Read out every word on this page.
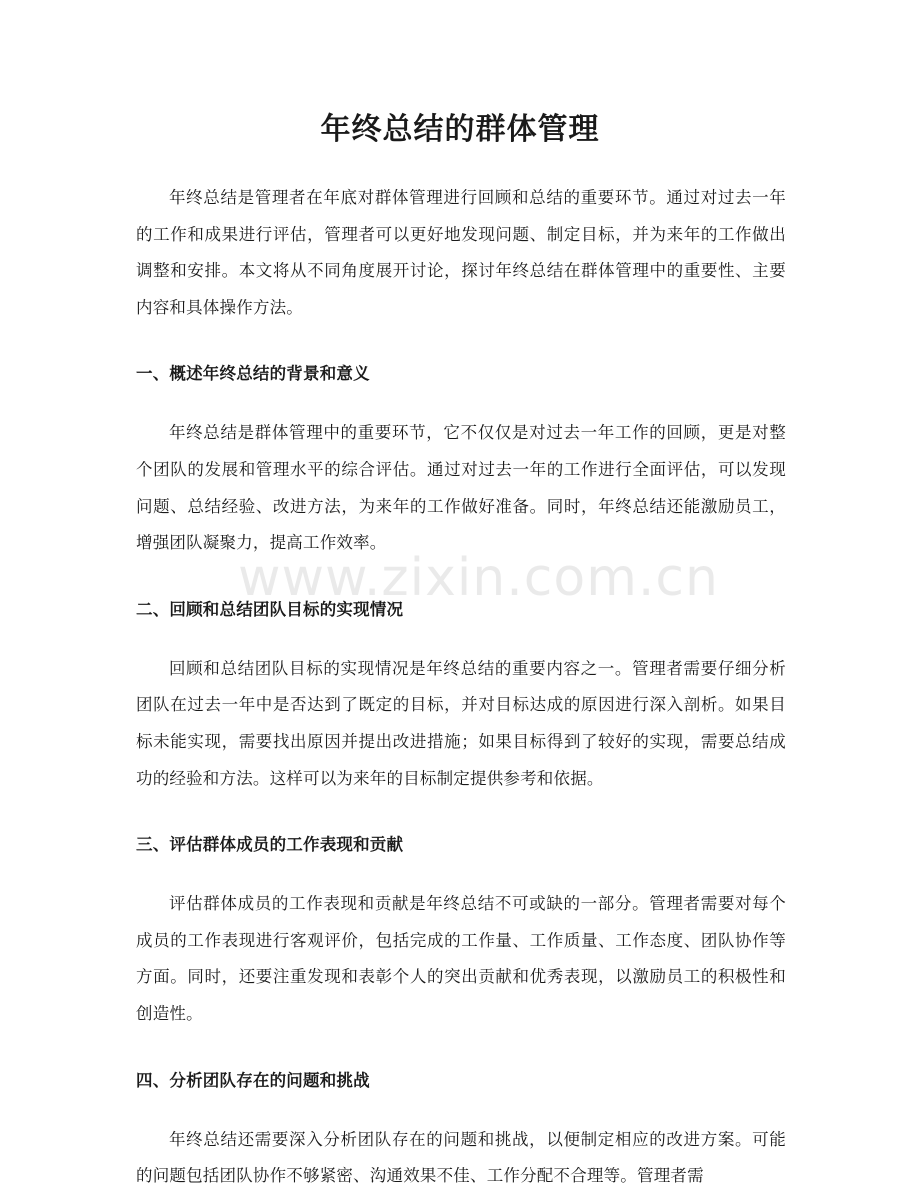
年终总结的群体管理

年终总结是管理者在年底对群体管理进行回顾和总结的重要环节。通过对过去一年的工作和成果进行评估，管理者可以更好地发现问题、制定目标，并为来年的工作做出调整和安排。本文将从不同角度展开讨论，探讨年终总结在群体管理中的重要性、主要内容和具体操作方法。

一、概述年终总结的背景和意义

年终总结是群体管理中的重要环节，它不仅仅是对过去一年工作的回顾，更是对整个团队的发展和管理水平的综合评估。通过对过去一年的工作进行全面评估，可以发现问题、总结经验、改进方法，为来年的工作做好准备。同时，年终总结还能激励员工，增强团队凝聚力，提高工作效率。

二、回顾和总结团队目标的实现情况

回顾和总结团队目标的实现情况是年终总结的重要内容之一。管理者需要仔细分析团队在过去一年中是否达到了既定的目标，并对目标达成的原因进行深入剖析。如果目标未能实现，需要找出原因并提出改进措施；如果目标得到了较好的实现，需要总结成功的经验和方法。这样可以为来年的目标制定提供参考和依据。

三、评估群体成员的工作表现和贡献

评估群体成员的工作表现和贡献是年终总结不可或缺的一部分。管理者需要对每个成员的工作表现进行客观评价，包括完成的工作量、工作质量、工作态度、团队协作等方面。同时，还要注重发现和表彰个人的突出贡献和优秀表现，以激励员工的积极性和创造性。

四、分析团队存在的问题和挑战

年终总结还需要深入分析团队存在的问题和挑战，以便制定相应的改进方案。可能的问题包括团队协作不够紧密、沟通效果不佳、工作分配不合理等。管理者需

www.zixin.com.cn
